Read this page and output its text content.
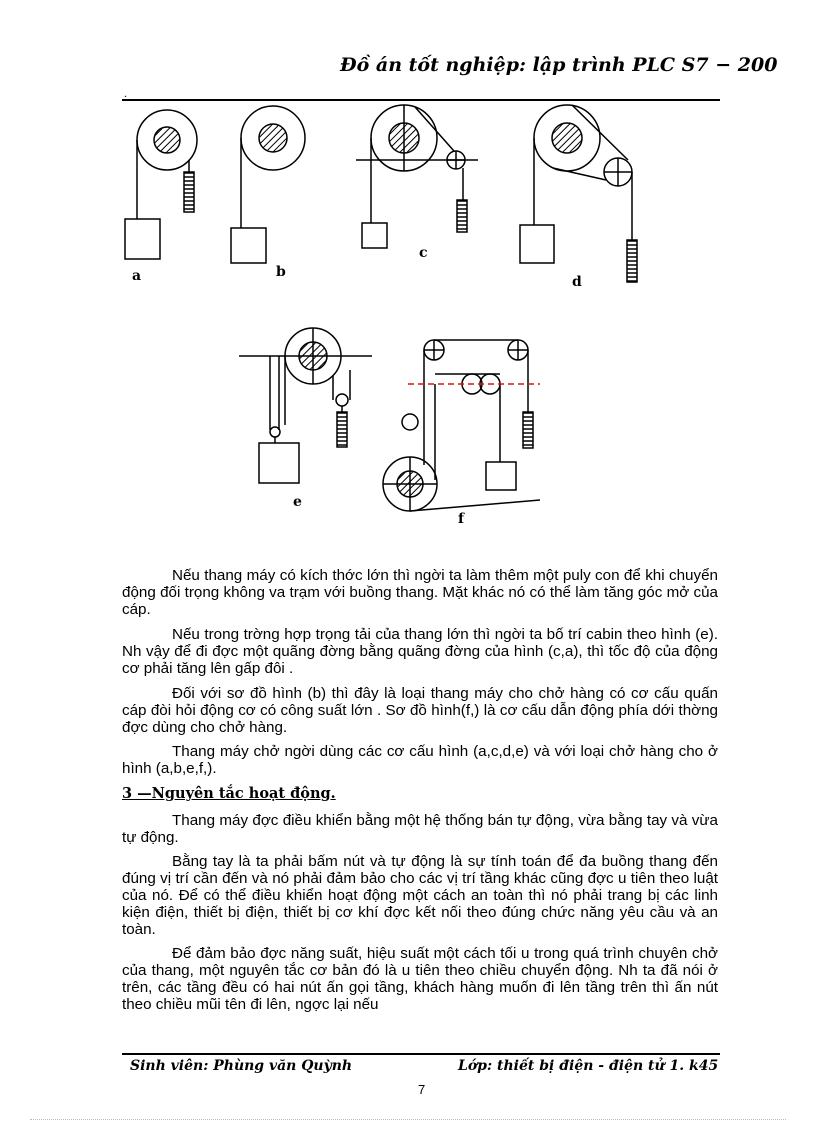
Đồ án tốt nghiệp: lập trình PLC S7 − 200
.
a	b
c
d
e
f
Nếu thang máy có kích thớc lớn thì ngời ta làm thêm một puly con để khi chuyển động đối trọng không va trạm với buồng thang. Mặt khác nó có thể làm tăng góc mở của cáp.
Nếu trong trờng hợp trọng tải của thang lớn thì ngời ta bố trí cabin theo hình (e). Nh vậy để đi đợc một quãng đờng bằng quãng đờng của hình (c,a), thì tốc độ của động cơ phải tăng lên gấp đôi .
Đối với sơ đồ hình (b) thì đây là loại thang máy cho chở hàng có cơ cấu quấn cáp đòi hỏi động cơ có công suất lớn . Sơ đồ hình(f,) là cơ cấu dẫn động phía dới thờng đợc dùng cho chở hàng.
Thang máy chở ngời dùng các cơ cấu hình (a,c,d,e) và với loại chở hàng cho ở hình (a,b,e,f,).
3 —Nguyên tắc hoạt động.
Thang máy đợc điều khiển bằng một hệ thống bán tự động, vừa bằng tay và vừa tự động.
Bằng tay là ta phải bấm nút và tự động là sự tính toán để đa buồng thang đến đúng vị trí cần đến và nó phải đảm bảo cho các vị trí tầng khác cũng đợc u tiên theo luật của nó. Để có thể điều khiển hoạt động một cách an toàn thì nó phải trang bị các linh kiện điện, thiết bị điện, thiết bị cơ khí đợc kết nối theo đúng chức năng yêu cầu và an toàn.
Để đảm bảo đợc năng suất, hiệu suất một cách tối u trong quá trình chuyên chở của thang, một nguyên tắc cơ bản đó là u tiên theo chiều chuyển động. Nh ta đã nói ở trên, các tầng đều có hai nút ấn gọi tầng, khách hàng muốn đi lên tầng trên thì ấn nút theo chiều mũi tên đi lên, ngợc lại nếu
Sinh viên: Phùng văn Quỳnh	Lớp: thiết bị điện - điện tử 1. k45
7
